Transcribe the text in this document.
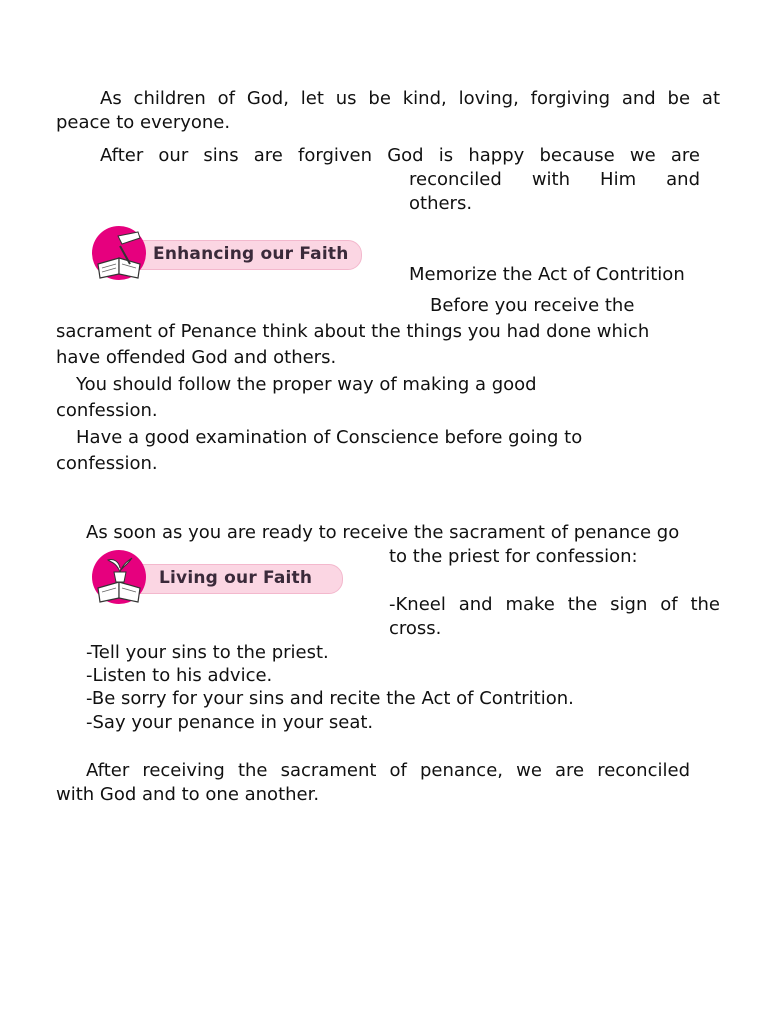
As children of God, let us be kind, loving, forgiving and be at
peace to everyone.
After our sins are forgiven God is happy because we are
reconciled with Him and
others.
Enhancing our Faith
Memorize the Act of Contrition
Before you receive the
sacrament of Penance think about the things you had done which
have offended God and others.
You should follow the proper way of making a good
confession.
Have a good examination of Conscience before going to
confession.
As soon as you are ready to receive the sacrament of penance go
to the priest for confession:
Living our Faith
-Kneel and make the sign of the
cross.
-Tell your sins to the priest.
-Listen to his advice.
-Be sorry for your sins and recite the Act of Contrition.
-Say your penance in your seat.
After receiving the sacrament of penance, we are reconciled
with God and to one another.
